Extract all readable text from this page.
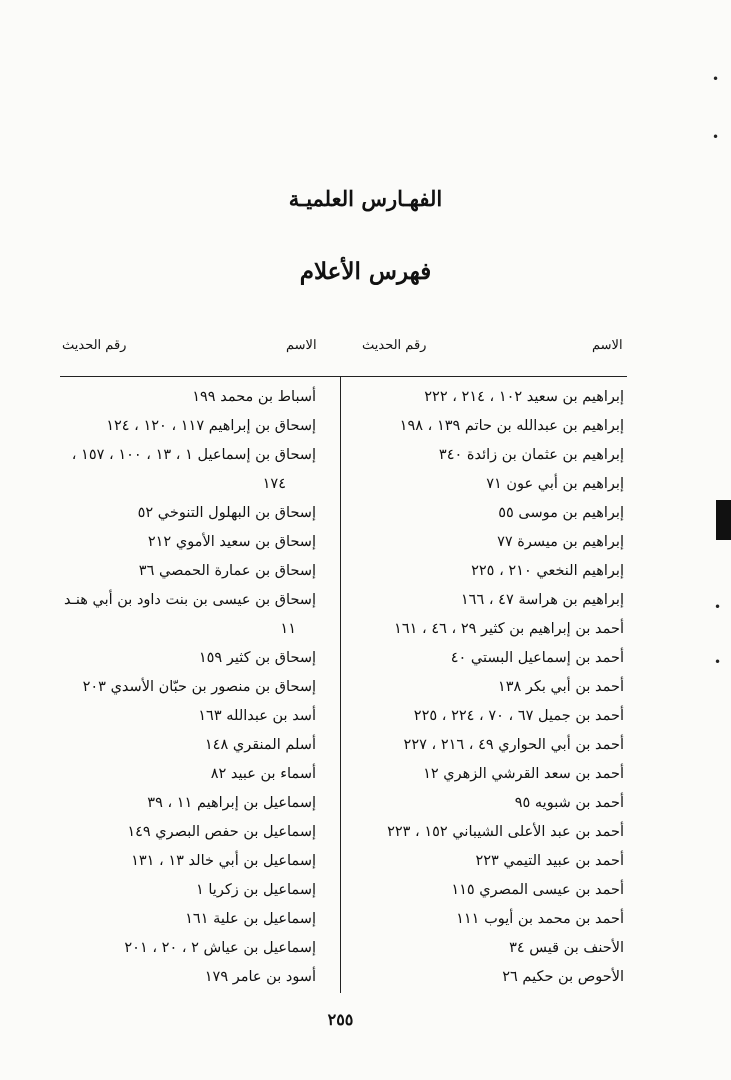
الفهـارس العلميـة
فهرس الأعلام
الاسم
رقم الحديث
الاسم
رقم الحديث
إبراهيم بن سعيد ١٠٢ ، ٢١٤ ، ٢٢٢
إبراهيم بن عبدالله بن حاتم ١٣٩ ، ١٩٨
إبراهيم بن عثمان بن زائدة ٣٤٠
إبراهيم بن أبي عون ٧١
إبراهيم بن موسى ٥٥
إبراهيم بن ميسرة ٧٧
إبراهيم النخعي ٢١٠ ، ٢٢٥
إبراهيم بن هراسة ٤٧ ، ١٦٦
أحمد بن إبراهيم بن كثير ٢٩ ، ٤٦ ، ١٦١
أحمد بن إسماعيل البستي ٤٠
أحمد بن أبي بكر ١٣٨
أحمد بن جميل ٦٧ ، ٧٠ ، ٢٢٤ ، ٢٢٥
أحمد بن أبي الحواري ٤٩ ، ٢١٦ ، ٢٢٧
أحمد بن سعد القرشي الزهري ١٢
أحمد بن شبويه ٩٥
أحمد بن عبد الأعلى الشيباني ١٥٢ ، ٢٢٣
أحمد بن عبيد التيمي ٢٢٣
أحمد بن عيسى المصري ١١٥
أحمد بن محمد بن أيوب ١١١
الأحنف بن قيس ٣٤
الأحوص بن حكيم ٢٦
أسباط بن محمد ١٩٩
إسحاق بن إبراهيم ١١٧ ، ١٢٠ ، ١٢٤
إسحاق بن إسماعيل ١ ، ١٣ ، ١٠٠ ، ١٥٧ ،
١٧٤
إسحاق بن البهلول التنوخي ٥٢
إسحاق بن سعيد الأموي ٢١٢
إسحاق بن عمارة الحمصي ٣٦
إسحاق بن عيسى بن بنت داود بن أبي هنـد
١١
إسحاق بن كثير ١٥٩
إسحاق بن منصور بن حبّان الأسدي ٢٠٣
أسد بن عبدالله ١٦٣
أسلم المنقري ١٤٨
أسماء بن عبيد ٨٢
إسماعيل بن إبراهيم ١١ ، ٣٩
إسماعيل بن حفص البصري ١٤٩
إسماعيل بن أبي خالد ١٣ ، ١٣١
إسماعيل بن زكريا ١
إسماعيل بن علية ١٦١
إسماعيل بن عياش ٢ ، ٢٠ ، ٢٠١
أسود بن عامر ١٧٩
٢٥٥
•
•
•
•
